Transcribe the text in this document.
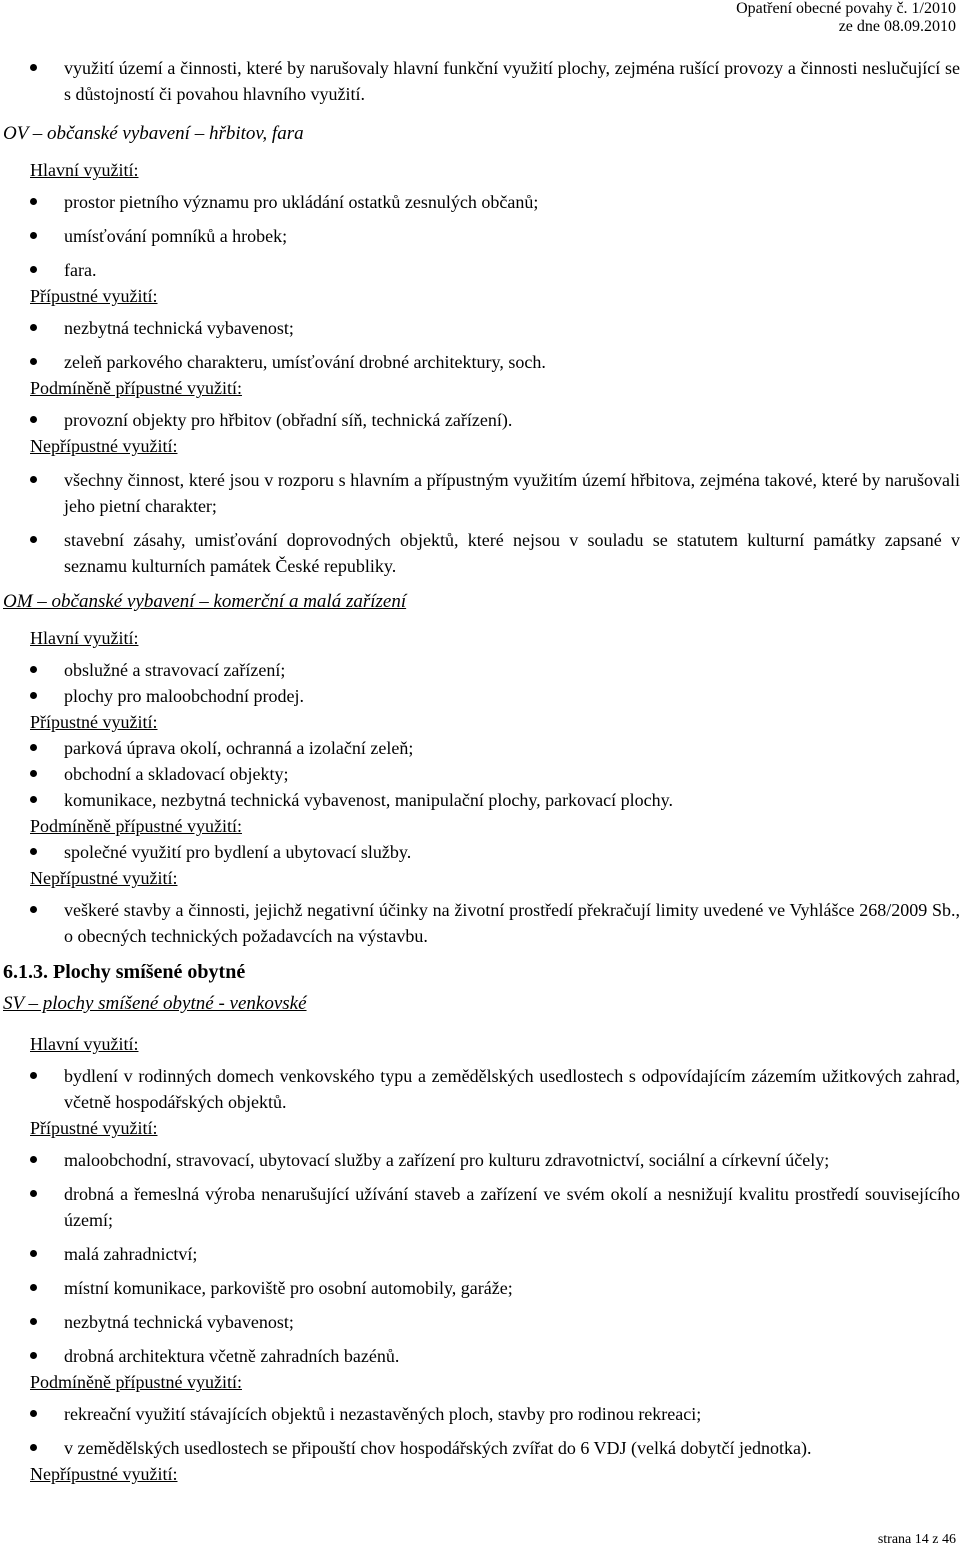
Opatření obecné povahy č. 1/2010
ze dne 08.09.2010
využití území a činnosti, které by narušovaly hlavní funkční využití plochy, zejména rušící provozy a činnosti neslučující se s důstojností či povahou hlavního využití.

OV – občanské vybavení – hřbitov, fara

Hlavní využití:

prostor pietního významu pro ukládání ostatků zesnulých občanů;
umísťování pomníků a hrobek;
fara.

Přípustné využití:

nezbytná technická vybavenost;
zeleň parkového charakteru, umísťování drobné architektury, soch.

Podmíněně přípustné využití:

provozní objekty pro hřbitov (obřadní síň, technická zařízení).

Nepřípustné využití:

všechny činnost, které jsou v rozporu s hlavním a přípustným využitím území hřbitova, zejména takové, které by narušovali jeho pietní charakter;
stavební zásahy, umisťování doprovodných objektů, které nejsou v souladu se statutem kulturní památky zapsané v seznamu kulturních památek České republiky.

OM – občanské vybavení – komerční a malá zařízení

Hlavní využití:

obslužné a stravovací zařízení;
plochy pro maloobchodní prodej.

Přípustné využití:

parková úprava okolí, ochranná a izolační zeleň;
obchodní a skladovací objekty;
komunikace, nezbytná technická vybavenost, manipulační plochy, parkovací plochy.

Podmíněně přípustné využití:

společné využití pro bydlení a ubytovací služby.

Nepřípustné využití:

veškeré stavby a činnosti, jejichž negativní účinky na životní prostředí překračují limity uvedené ve Vyhlášce 268/2009 Sb., o obecných technických požadavcích na výstavbu.

6.1.3. Plochy smíšené obytné

SV – plochy smíšené obytné - venkovské

Hlavní využití:

bydlení v rodinných domech venkovského typu a zemědělských usedlostech s odpovídajícím zázemím užitkových zahrad, včetně hospodářských objektů.

Přípustné využití:

maloobchodní, stravovací, ubytovací služby a zařízení pro kulturu zdravotnictví, sociální a církevní účely;
drobná a řemeslná výroba nenarušující užívání staveb a zařízení ve svém okolí a nesnižují kvalitu prostředí souvisejícího území;
malá zahradnictví;
místní komunikace, parkoviště pro osobní automobily, garáže;
nezbytná technická vybavenost;
drobná architektura včetně zahradních bazénů.

Podmíněně přípustné využití:

rekreační využití stávajících objektů i nezastavěných ploch, stavby pro rodinou rekreaci;
v zemědělských usedlostech se připouští chov hospodářských zvířat do 6 VDJ (velká dobytčí jednotka).

Nepřípustné využití:

strana 14 z 46
